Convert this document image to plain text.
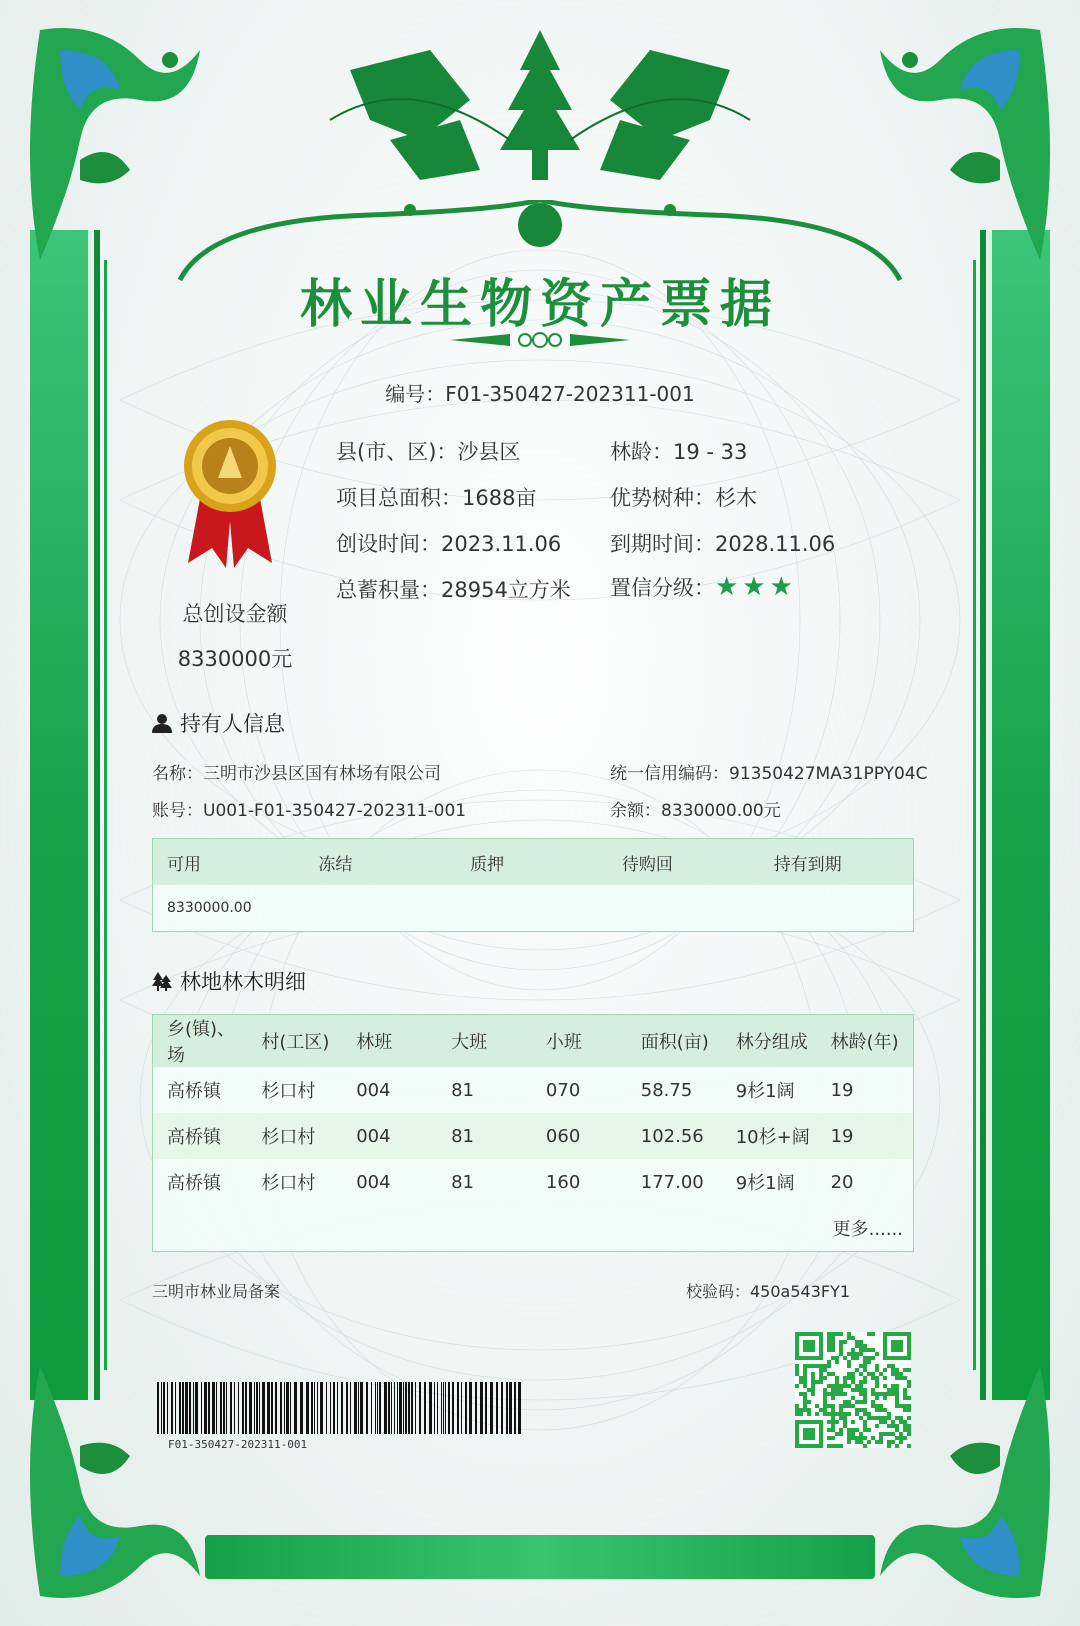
林业生物资产票据
编号：F01-350427-202311-001
总创设金额
8330000元
县(市、区)：沙县区	林龄：19 - 33
项目总面积：1688亩	优势树种：杉木
创设时间：2023.11.06 到期时间：2028.11.06
总蓄积量：28954立方米 置信分级：★★★
持有人信息
名称：三明市沙县区国有林场有限公司	统一信用编码：91350427MA31PPY04C
账号：U001-F01-350427-202311-001	余额：8330000.00元
可用	冻结	质押	待购回	持有到期
8330000.00				
林地林木明细
乡(镇)、场	村(工区)	林班	大班	小班	面积(亩)	林分组成	林龄(年)
高桥镇	杉口村	004	81	070	58.75	9杉1阔	19
高桥镇	杉口村	004	81	060	102.56	10杉+阔	19
高桥镇	杉口村	004	81	160	177.00	9杉1阔	20
更多......							
三明市林业局备案	校验码：450a543FY1
F01-350427-202311-001
